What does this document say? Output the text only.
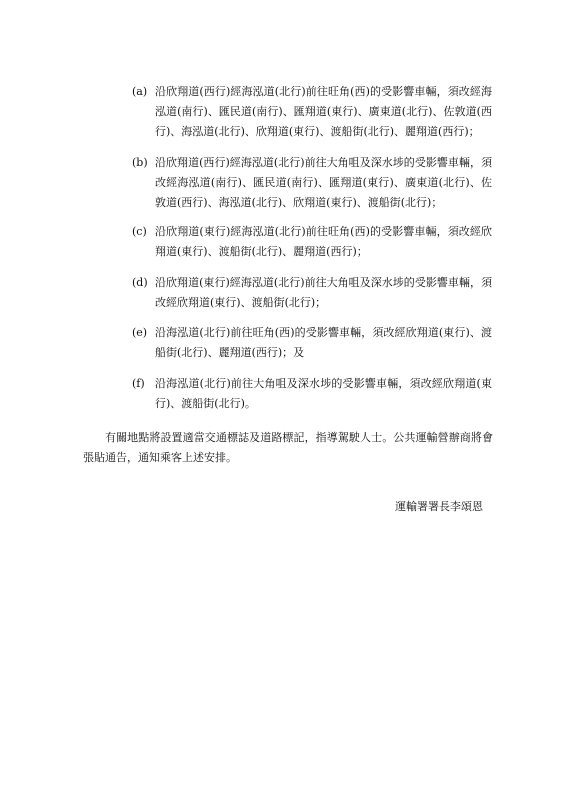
(a) 沿欣翔道(西行)經海泓道(北行)前往旺角(西)的受影響車輛，須改經海泓道(南行)、匯民道(南行)、匯翔道(東行)、廣東道(北行)、佐敦道(西行)、海泓道(北行)、欣翔道(東行)、渡船街(北行)、麗翔道(西行)；
(b) 沿欣翔道(西行)經海泓道(北行)前往大角咀及深水埗的受影響車輛，須改經海泓道(南行)、匯民道(南行)、匯翔道(東行)、廣東道(北行)、佐敦道(西行)、海泓道(北行)、欣翔道(東行)、渡船街(北行)；
(c) 沿欣翔道(東行)經海泓道(北行)前往旺角(西)的受影響車輛，須改經欣翔道(東行)、渡船街(北行)、麗翔道(西行)；
(d) 沿欣翔道(東行)經海泓道(北行)前往大角咀及深水埗的受影響車輛，須改經欣翔道(東行)、渡船街(北行)；
(e) 沿海泓道(北行)前往旺角(西)的受影響車輛，須改經欣翔道(東行)、渡船街(北行)、麗翔道(西行)；及
(f) 沿海泓道(北行)前往大角咀及深水埗的受影響車輛，須改經欣翔道(東行)、渡船街(北行)。
有關地點將設置適當交通標誌及道路標記，指導駕駛人士。公共運輸營辦商將會張貼通告，通知乘客上述安排。
運輸署署長李頌恩
